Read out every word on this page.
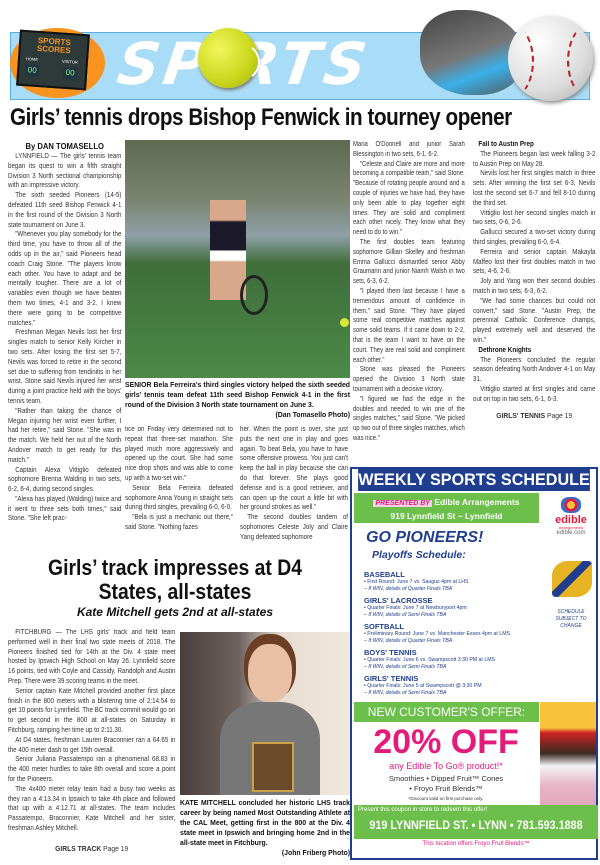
SPORTS SCORES
HOME	VISITOR
00	00 SP RTS
Girls’ tennis drops Bishop Fenwick in tourney opener
By DAN TOMASELLO

LYNNFIELD — The girls' tennis team began its quest to win a fifth straight Division 3 North sectional championship with an impressive victory.

The sixth seeded Pioneers (14-5) defeated 11th seed Bishop Fenwick 4-1 in the first round of the Division 3 North state tournament on June 3.

"Whenever you play somebody for the third time, you have to throw all of the odds up in the air," said Pioneers head coach Craig Stone. "The players know each other. You have to adapt and be mentally tougher. There are a lot of variables even though we have beaten them two times, 4-1 and 3-2. I knew there were going to be competitive matches."

Freshman Megan Nevils lost her first singles match to senior Kelly Kircher in two sets. After losing the first set 5-7, Nevils was forced to retire in the second set due to suffering from tendinitis in her wrist. Stone said Nevils injured her wrist during a joint practice held with the boys' tennis team.

"Rather than taking the chance of Megan injuring her wrist even further, I had her retire," said Stone. "She was in the match. We held her out of the North Andover match to get ready for this match."

Captain Alexa Vittiglio defeated sophomore Brenna Walding in two sets, 6-2, 6-4, during second singles.

"Alexa has played (Walding) twice and it went to three sets both times," said Stone. "She left prac-

SENIOR Bela Ferreira's third singles victory helped the sixth seeded girls' tennis team defeat 11th seed Bishop Fenwick 4-1 in the first round of the Division 3 North state tournament on June 3.
(Dan Tomasello Photo)

tice on Friday very determined not to repeat that three-set marathon. She played much more aggressively and opened up the court. She had some nice drop shots and was able to come up with a two-set win."

Senior Bela Ferreira defeated sophomore Anna Young in straight sets during third singles, prevailing 6-0, 6-0.

"Bela is just a mechanic out there," said Stone. "Nothing fazes

her. When the point is over, she just puts the next one in play and goes again. To beat Bela, you have to have some offensive prowess. You just can't keep the ball in play because she can do that forever. She plays good defense and is a good retriever, and can open up the court a little bit with her ground strokes as well."

The second doubles tandem of sophomores Celeste Joly and Claire Yang defeated sophomore

Maria O'Donnell and junior Sarah Blessington in two sets, 6-1, 6-2.

"Celeste and Claire are more and more becoming a compatible team," said Stone. "Because of rotating people around and a couple of injuries we have had, they have only been able to play together eight times. They are solid and compliment each other nicely. They know what they need to do to win."

The first doubles team featuring sophomore Gillian Skelley and freshman Emma Gallucci dismantled senior Abby Graumann and junior Niamh Walsh in two sets, 6-3, 6-2.

"I played them last because I have a tremendous amount of confidence in them," said Stone. "They have played some real competitive matches against some solid teams. If it came down to 2-2, that is the team I want to have on the court. They are real solid and compliment each other."

Stone was pleased the Pioneers opened the Division 3 North state tournament with a decisive victory.

"I figured we had the edge in the doubles and needed to win one of the singles matches," said Stone. "We picked up two out of three singles matches, which was nice."

Fall to Austin Prep

The Pioneers began last week falling 3-2 to Austin Prep on May 28.

Nevils lost her first singles match in three sets. After winning the first set 6-3, Nevils lost the second set 6-7 and fell 8-10 during the third set.

Vittiglio lost her second singles match in two sets, 0-6, 2-6.

Gallucci secured a two-set victory during third singles, prevailing 6-0, 6-4.

Ferreira and senior captain Makayla Maffeo lost their first doubles match in two sets, 4-6, 2-6.

Joly and Yang won their second doubles match in two sets, 6-3, 6-2.

"We had some chances but could not convert," said Stone. "Austin Prep, the perennial Catholic Conference champs, played extremely well and deserved the win."

Dethrone Knights

The Pioneers concluded the regular season defeating North Andover 4-1 on May 31.

Vittiglio started at first singles and came out on top in two sets, 6-1, 6-3.

GIRLS' TENNIS Page 19
Girls’ track impresses at D4
States, all-states
Kate Mitchell gets 2nd at all-states

FITCHBURG — The LHS girls' track and field team performed well in their final two state meets of 2018. The Pioneers finished tied for 14th at the Div. 4 state meet hosted by Ipswich High School on May 26. Lynnfield score 16 points, tied with Coyle and Cassidy, Randolph and Austin Prep. There were 39 scoring teams in the meet.

Senior captain Kate Mitchell provided another first place finish in the 800 meters with a blistering time of 2:14.54 to get 10 points for Lynnfield. The BC track commit would go on to get second in the 800 at all-states on Saturday in Fitchburg, ramping her time up to 2:11.30.

At D4 states, freshman Lauren Braconnier ran a 64.65 in the 400 meter dash to get 15th overall.

Senior Juliana Passatempo ran a phenomenal 68.83 in the 400 meter hurdles to take 8th overall and score a point for the Pioneers.

The 4x400 meter relay team had a busy two weeks as they ran a 4:13.34 in Ipswich to take 4th place and followed that up with a 4:12.71 at all-states. The team includes Passatempo, Braconnier, Kate Mitchell and her sister, freshman Ashley Mitchell.

GIRLS TRACK Page 19
KATE MITCHELL concluded her historic LHS track career by being named Most Outstanding Athlete at the CAL Meet, getting first in the 800 at the Div. 4 state meet in Ipswich and bringing home 2nd in the all-state meet in Fitchburg.
(John Friberg Photo)
WEEKLY SPORTS SCHEDULE
PRESENTED BY Edible Arrangements
919 Lynnfield St ~ Lynnfield	edible
arrangements
edible.com
SCHEDULE SUBJECT TO CHANGE
GO PIONEERS!
Playoffs Schedule:
BASEBALL
• First Round: June 7 vs. Saugus 4pm at LHS
– If WIN, details of Quarter Finals TBA
GIRLS' LACROSSE
• Quarter Finals: June 7 at Newburyport 4pm
– If WIN, details of Semi Finals TBA
SOFTBALL
• Preliminary Round: June 7 vs. Manchester Essex 4pm at LMS
– If WIN, details of Quarter Finals TBA
BOYS' TENNIS
• Quarter Finals: June 6 vs. Swampscott 3:30 PM at LMS
– If WIN, details of Semi Finals TBA
GIRLS' TENNIS
• Quarter Finals: June 5 at Swampscott @ 3:30 PM
– If WIN, details of Semi Finals TBA
NEW CUSTOMER'S OFFER:
20% OFF
any Edible To Go® product!*
Smoothies • Dipped Fruit™ Cones
• Froyo Fruit Blends™
*Discount valid on first purchase only.
Present this coupon in store to redeem this offer!
919 LYNNFIELD ST. • LYNN • 781.593.1888
This location offers Froyo Fruit Blends™
